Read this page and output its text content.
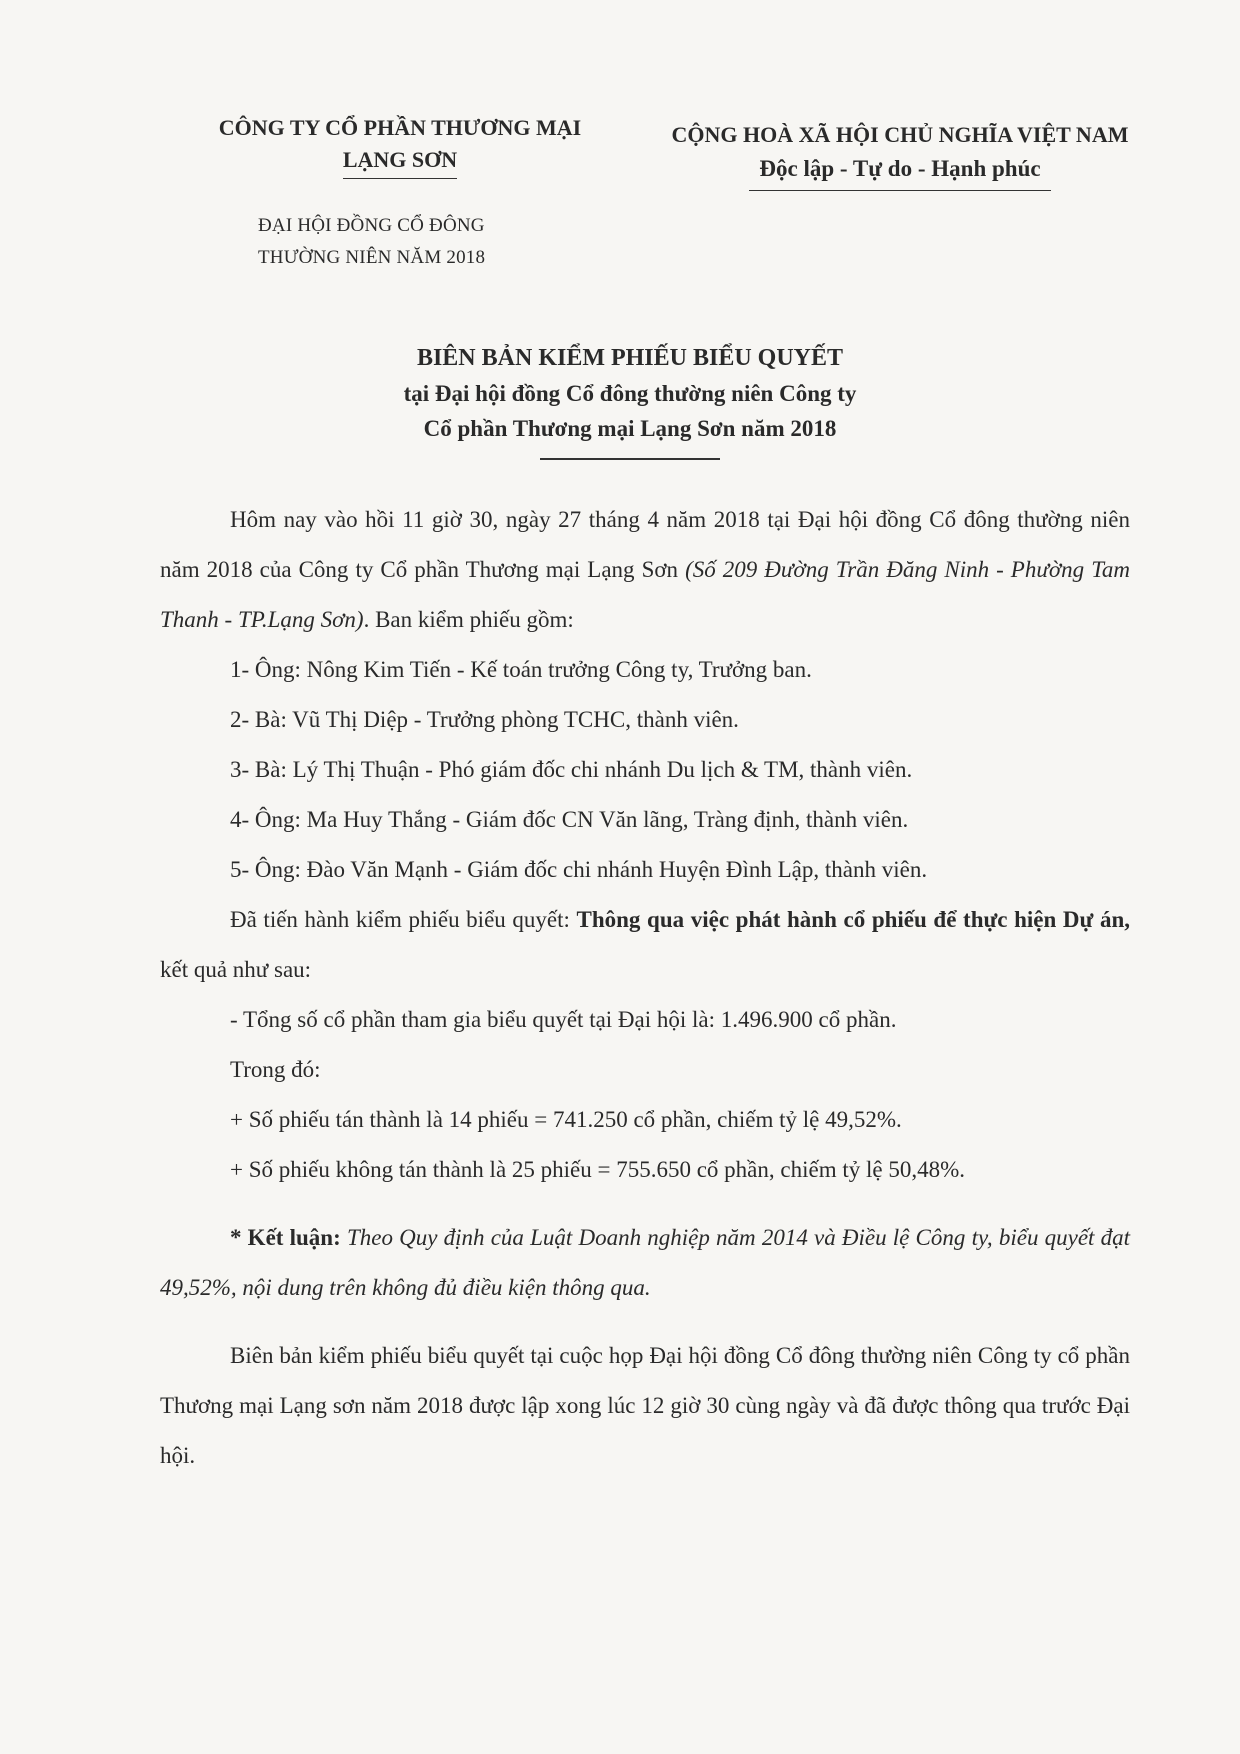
CÔNG TY CỔ PHẦN THƯƠNG MẠI
LẠNG SƠN
CỘNG HOÀ XÃ HỘI CHỦ NGHĨA VIỆT NAM
Độc lập - Tự do - Hạnh phúc
ĐẠI HỘI ĐỒNG CỔ ĐÔNG
THƯỜNG NIÊN NĂM 2018
BIÊN BẢN KIỂM PHIẾU BIỂU QUYẾT
tại Đại hội đồng Cổ đông thường niên Công ty
Cổ phần Thương mại Lạng Sơn năm 2018

Hôm nay vào hồi 11 giờ 30, ngày 27 tháng 4 năm 2018 tại Đại hội đồng Cổ đông thường niên năm 2018 của Công ty Cổ phần Thương mại Lạng Sơn (Số 209 Đường Trần Đăng Ninh - Phường Tam Thanh - TP.Lạng Sơn). Ban kiểm phiếu gồm:

1- Ông: Nông Kim Tiến - Kế toán trưởng Công ty, Trưởng ban.

2- Bà: Vũ Thị Diệp - Trưởng phòng TCHC, thành viên.

3- Bà: Lý Thị Thuận - Phó giám đốc chi nhánh Du lịch & TM, thành viên.

4- Ông: Ma Huy Thắng - Giám đốc CN Văn lãng, Tràng định, thành viên.

5- Ông: Đào Văn Mạnh - Giám đốc chi nhánh Huyện Đình Lập, thành viên.

Đã tiến hành kiểm phiếu biểu quyết: Thông qua việc phát hành cổ phiếu để thực hiện Dự án, kết quả như sau:

- Tổng số cổ phần tham gia biểu quyết tại Đại hội là: 1.496.900 cổ phần.

Trong đó:

+ Số phiếu tán thành là 14 phiếu = 741.250 cổ phần, chiếm tỷ lệ 49,52%.

+ Số phiếu không tán thành là 25 phiếu = 755.650 cổ phần, chiếm tỷ lệ 50,48%.

* Kết luận: Theo Quy định của Luật Doanh nghiệp năm 2014 và Điều lệ Công ty, biểu quyết đạt 49,52%, nội dung trên không đủ điều kiện thông qua.

Biên bản kiểm phiếu biểu quyết tại cuộc họp Đại hội đồng Cổ đông thường niên Công ty cổ phần Thương mại Lạng sơn năm 2018 được lập xong lúc 12 giờ 30 cùng ngày và đã được thông qua trước Đại hội.
